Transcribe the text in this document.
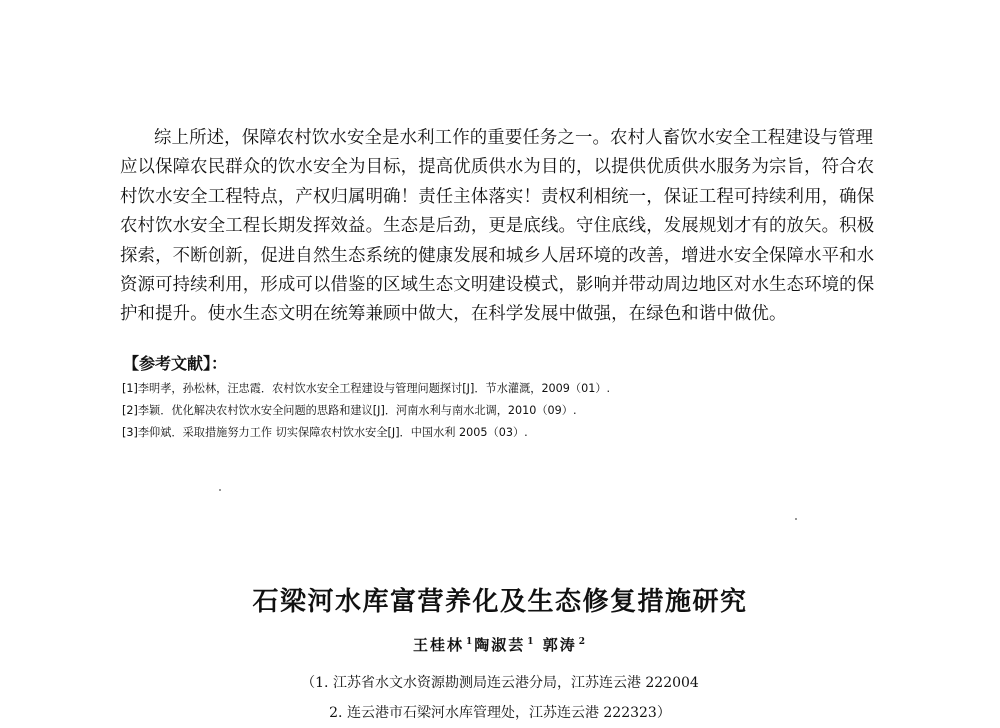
综上所述，保障农村饮水安全是水利工作的重要任务之一。农村人畜饮水安全工程建设与管理
应以保障农民群众的饮水安全为目标，提高优质供水为目的，以提供优质供水服务为宗旨，符合农
村饮水安全工程特点，产权归属明确！责任主体落实！责权利相统一，保证工程可持续利用，确保
农村饮水安全工程长期发挥效益。生态是后劲，更是底线。守住底线，发展规划才有的放矢。积极
探索，不断创新，促进自然生态系统的健康发展和城乡人居环境的改善，增进水安全保障水平和水
资源可持续利用，形成可以借鉴的区域生态文明建设模式，影响并带动周边地区对水生态环境的保
护和提升。使水生态文明在统筹兼顾中做大，在科学发展中做强，在绿色和谐中做优。
【参考文献】：
[1]李明孝，孙松林，汪忠霞．农村饮水安全工程建设与管理问题探讨[J]．节水灌溉，2009（01）.
[2]李颖．优化解决农村饮水安全问题的思路和建议[J]．河南水利与南水北调，2010（09）.
[3]李仰斌．采取措施努力工作 切实保障农村饮水安全[J]．中国水利 2005（03）.
石梁河水库富营养化及生态修复措施研究
王桂林 $^1$ 陶淑芸 $^1$ 郭涛 $^2$
（1. 江苏省水文水资源勘测局连云港分局，江苏连云港 222004
2. 连云港市石梁河水库管理处，江苏连云港 222323）
